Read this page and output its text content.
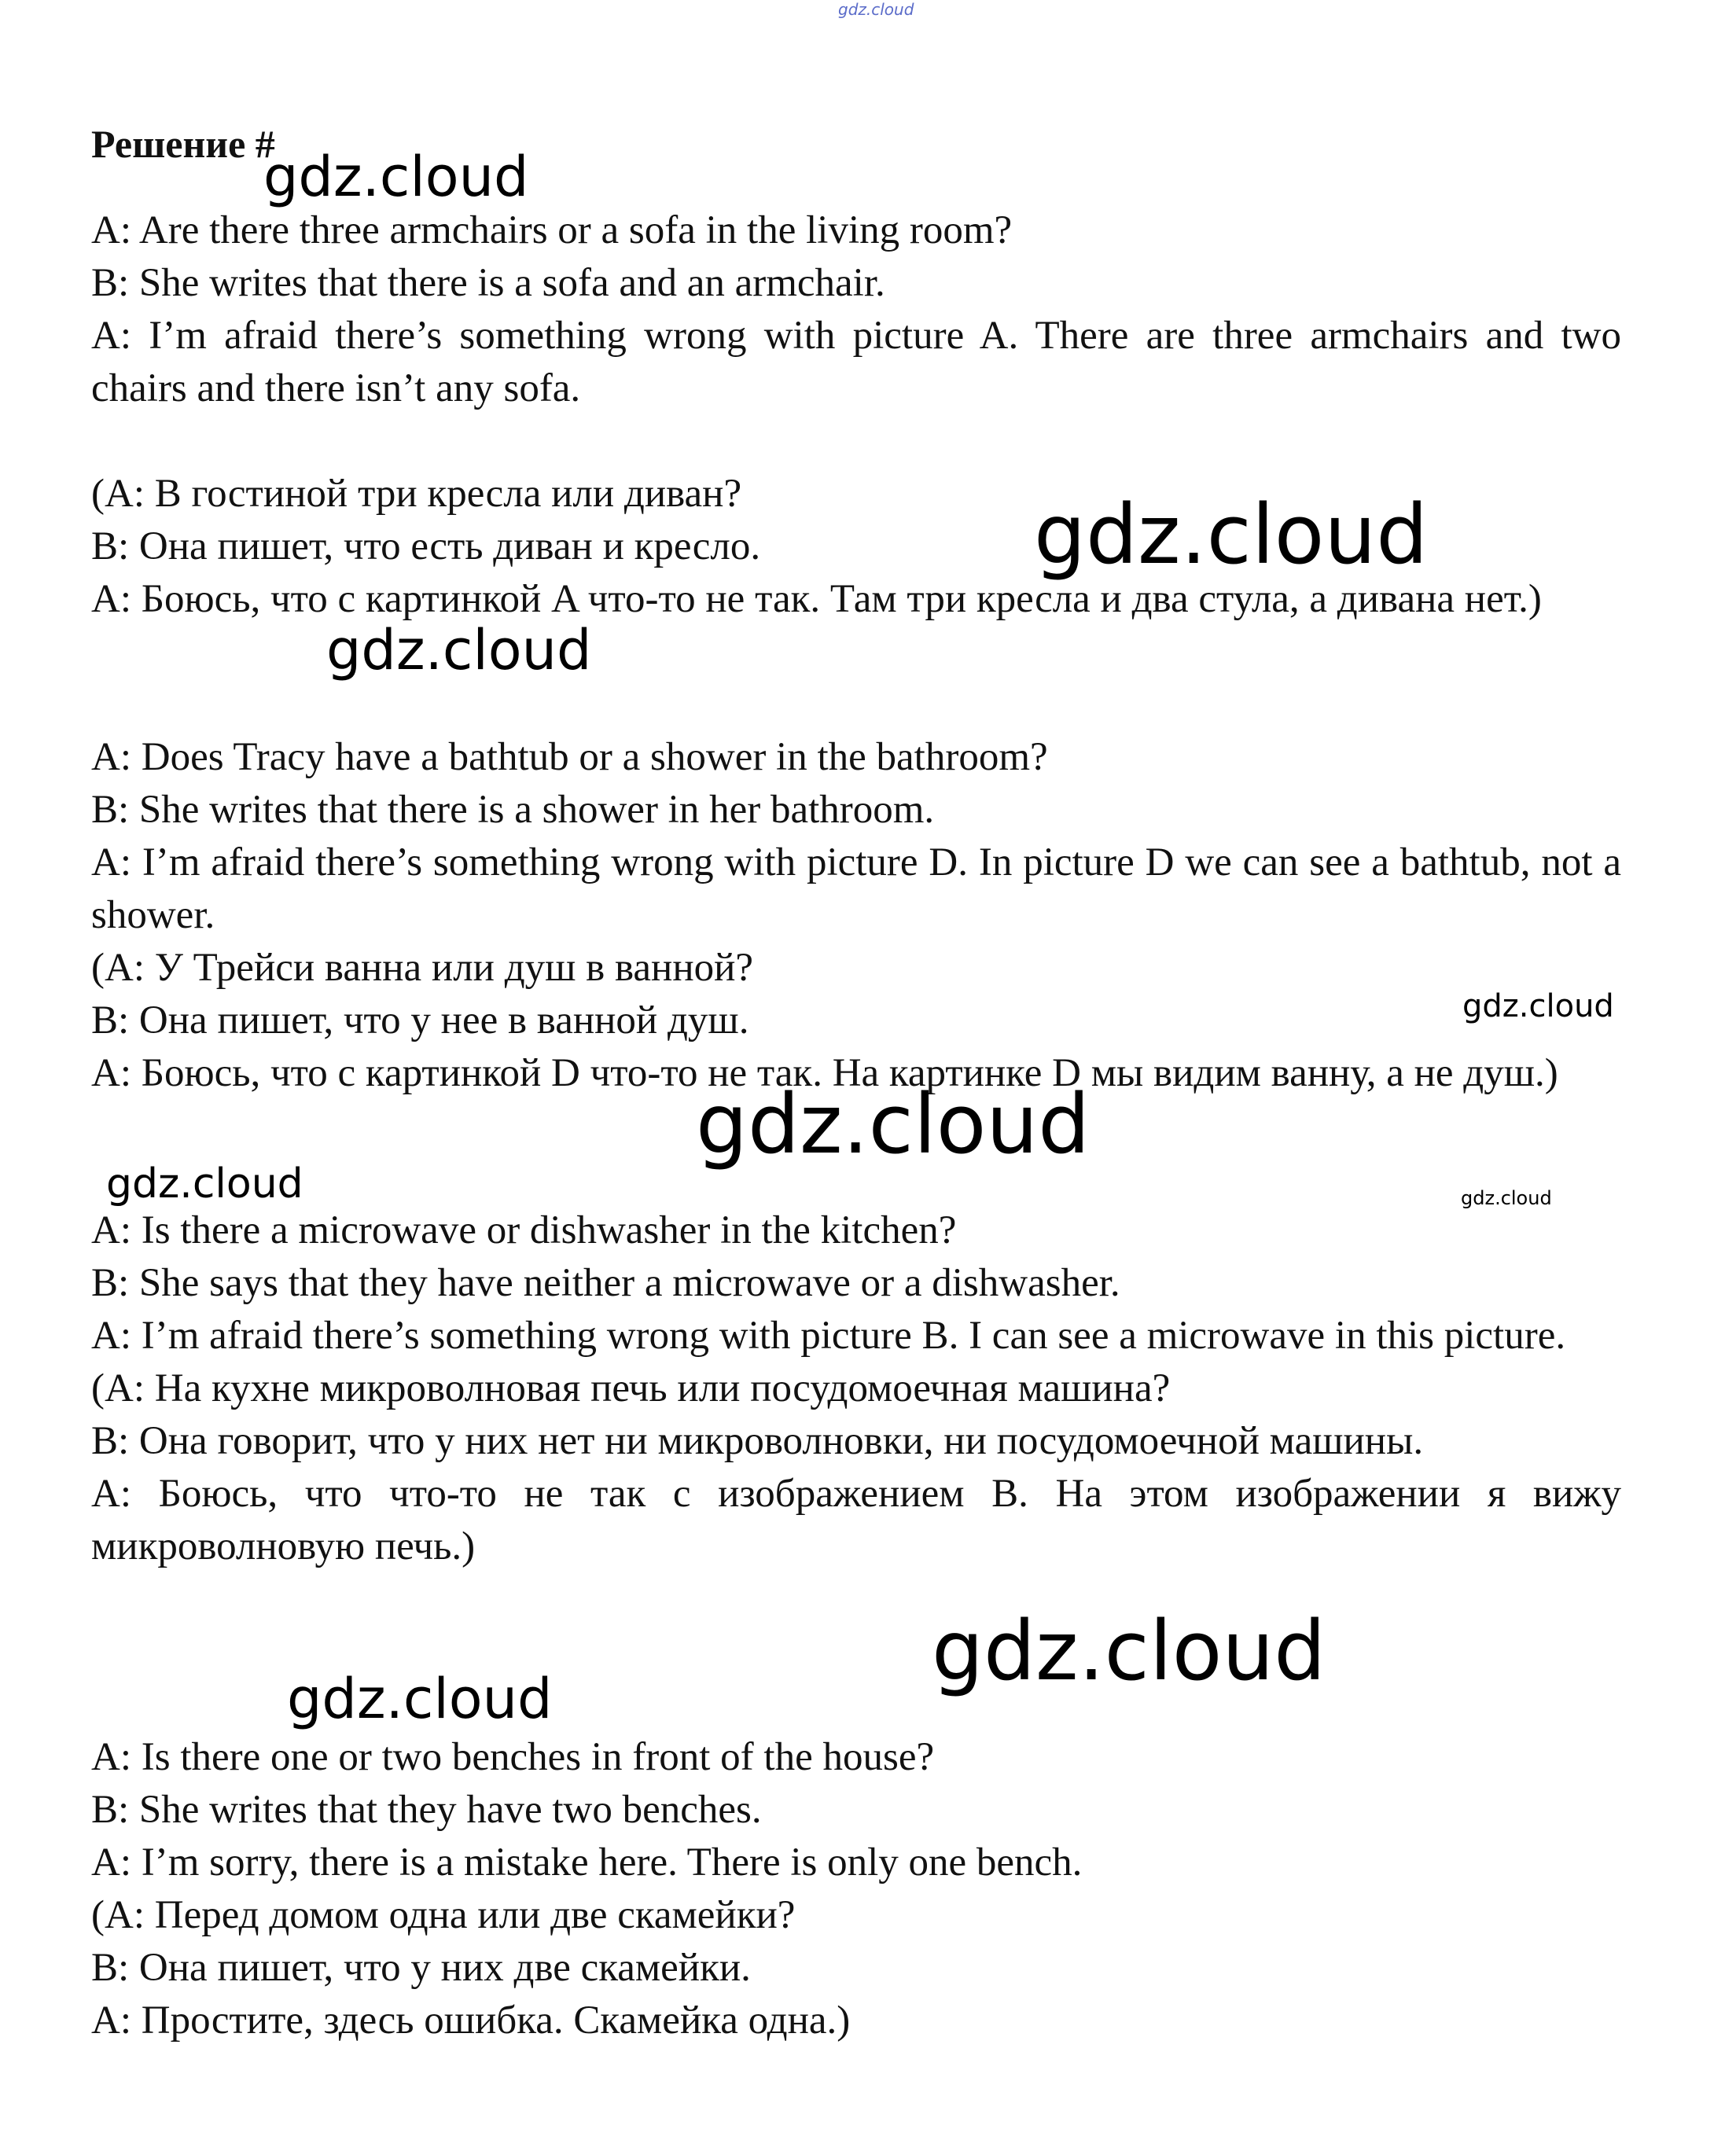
gdz.cloud
Решение #

A: Are there three armchairs or a sofa in the living room?

B: She writes that there is a sofa and an armchair.

A: I’m afraid there’s something wrong with picture A. There are three armchairs and two chairs and there isn’t any sofa.

(A: В гостиной три кресла или диван?

B: Она пишет, что есть диван и кресло.

A: Боюсь, что с картинкой A что-то не так. Там три кресла и два стула, а дивана нет.)

A: Does Tracy have a bathtub or a shower in the bathroom?

B: She writes that there is a shower in her bathroom.

A: I’m afraid there’s something wrong with picture D. In picture D we can see a bathtub, not a shower.

(A: У Трейси ванна или душ в ванной?

B: Она пишет, что у нее в ванной душ.

A: Боюсь, что с картинкой D что-то не так. На картинке D мы видим ванну, а не душ.)

A: Is there a microwave or dishwasher in the kitchen?

B: She says that they have neither a microwave or a dishwasher.

A: I’m afraid there’s something wrong with picture B. I can see a microwave in this picture.

(A: На кухне микроволновая печь или посудомоечная машина?

B: Она говорит, что у них нет ни микроволновки, ни посудомоечной машины.

A: Боюсь, что что-то не так с изображением B. На этом изображении я вижу микроволновую печь.)

A: Is there one or two benches in front of the house?

B: She writes that they have two benches.

A: I’m sorry, there is a mistake here. There is only one bench.

(A: Перед домом одна или две скамейки?

B: Она пишет, что у них две скамейки.

A: Простите, здесь ошибка. Скамейка одна.)

gdz.cloud
gdz.cloud
gdz.cloud
gdz.cloud
gdz.cloud
gdz.cloud	gdz.cloud
gdz.cloud
gdz.cloud
